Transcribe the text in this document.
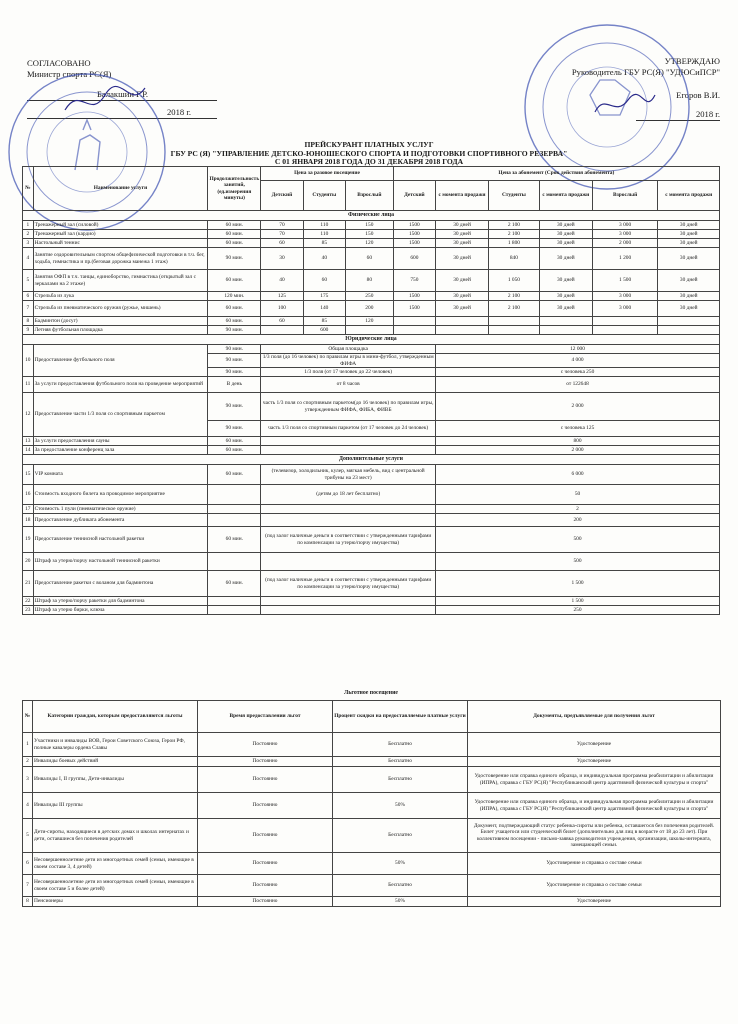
СОГЛАСОВАНО
Министр спорта РС(Я)
Балакшин Г.Р.
2018 г.
УТВЕРЖДАЮ
Руководитель ГБУ РС(Я) "УДЮСиПСР"
Егоров В.И.
2018 г.
ПРЕЙСКУРАНТ ПЛАТНЫХ УСЛУГ
ГБУ РС (Я) "УПРАВЛЕНИЕ ДЕТСКО-ЮНОШЕСКОГО СПОРТА И ПОДГОТОВКИ СПОРТИВНОГО РЕЗЕРВА"
С 01 ЯНВАРЯ 2018 ГОДА ДО 31 ДЕКАБРЯ 2018 ГОДА
№	Наименование услуги	Продолжительность занятий, (ед.измерения минуты)	Цена за разовое посещение			Цена за абонемент (Срок действия абонемента)					
			Детский	Студенты	Взрослый	Детский	с момента продажи	Студенты	с момента продажи	Взрослый	с момента продажи
Физические лица											
1	Тренажерный зал (силовой)	60 мин.	70	110	150	1500	30 дней	2 100	30 дней	3 000	30 дней
2	Тренажерный зал (кардио)	60 мин.	70	110	150	1500	30 дней	2 100	30 дней	3 000	30 дней
3	Настольный теннис	60 мин.	60	85	120	1500	30 дней	1 800	30 дней	2 000	30 дней
4	Занятие оздоровительным спортом общефизической подготовки в т.ч. бег, ходьба, гимнастика и пр.(беговая дорожка манежа 1 этаж)	90 мин.	30	40	60	600	30 дней	840	30 дней	1 200	30 дней
5	Занятия ОФП в т.ч. танцы, единоборство, гимнастика (открытый зал с зеркалами на 2 этаже)	60 мин.	40	60	80	750	30 дней	1 050	30 дней	1 500	30 дней
6	Стрельба из лука	120 мин.	125	175	250	1500	30 дней	2 100	30 дней	3 000	30 дней
7	Стрельба из пневматического оружия (ружье, мишень)	60 мин.	100	140	200	1500	30 дней	2 100	30 дней	3 000	30 дней
8	Бадминтон (досуг)	60 мин.	60	85	120						
9	Летняя футбольная площадка	90 мин.		600							
Юридические лица											
10	Предоставление футбольного поля	90 мин.	Общая площадка				12 000				
		90 мин.	1/3 поля (до 16 человек) по правилам игры в мини-футбол, утвержденным ФИФА				4 000				
		90 мин.	1/3 поля (от 17 человек до 22 человек)				с человека 250				
11	За услуги предоставления футбольного поля на проведение мероприятий	В день	от 8 часов				от 122648				
12	Предоставление части 1/3 поля со спортивным паркетом	90 мин.	часть 1/3 поля со спортивным паркетом(до 16 человек) по правилам игры, утвержденным ФИФА, ФИБА, ФИВБ				2 000				
		90 мин.	часть 1/3 поля со спортивным паркетом (от 17 человек до 24 человек)				с человека 125				
13	За услуги предоставления сауны	60 мин.					800				
14	За предоставление конференц зала	60 мин.					2 000				
Дополнительные услуги											
15	VIP комната	60 мин.	(телевизор, холодильник, кулер, мягкая мебель, вид с центральной трибуны на 23 мест)				6 000				
16	Стоимость входного билета на проводимое мероприятие		(детям до 18 лет бесплатно)				50				
17	Стоимость 1 пули (пневматическое оружие)						2				
18	Предоставление дубликата абонемента						200				
19	Предоставление теннисной настольной ракетки	60 мин.	(под залог наличные деньги в соответствии с утвержденными тарифами по компенсации за утерю/порчу имущества)				500				
20	Штраф за утерю/порчу настольной теннисной ракетки						500				
21	Предоставление ракетки с воланом для бадминтона	60 мин.	(под залог наличные деньги в соответствии с утвержденными тарифами по компенсации за утерю/порчу имущества)				1 500				
22	Штраф за утерю/порчу ракетки для бадминтона						1 500				
23	Штраф за утерю бирки, ключа						250				
Льготное посещение
№	Категории граждан, которым предоставляются льготы	Время предоставлении льгот	Процент скидки на предоставляемые платные услуги	Документы, предъявляемые для получения льгот
1	Участники и инвалиды ВОВ, Герои Советского Союза, Герои РФ, полные кавалеры ордена Славы	Постоянно	Бесплатно	Удостоверение
2	Инвалиды боевых действий	Постоянно	Бесплатно	Удостоверение
3	Инвалиды I, II группы, Дети-инвалиды	Постоянно	Бесплатно	Удостоверение или справка единого образца, и индивидуальная программа реабилитации и абилитации (ИПРА), справка с ГБУ РС(Я) "Республиканский центр адаптивной физической культуры и спорта"
4	Инвалиды III группы	Постоянно	50%	Удостоверение или справка единого образца, и индивидуальная программа реабилитации и абилитации (ИПРА), справка с ГБУ РС(Я) "Республиканский центр адаптивной физической культуры и спорта"
5	Дети-сироты, находящиеся в детских домах и школах интернатах и дети, оставшиеся без попечения родителей	Постоянно	Бесплатно	Документ, подтверждающий статус ребенка-сироты или ребенка, оставшегося без попечения родителей. Билет учащегося или студенческий билет (дополнительно для лиц в возрасте от 18 до 23 лет). При коллективном посещении - письмо-заявка руководителя учреждения, организации, школы-интерната, замещающей семьи.
6	Несовершеннолетние дети из многодетных семей (семьи, имеющие в своем составе 3, 4 детей)	Постоянно	50%	Удостоверение и справка о составе семьи
7	Несовершеннолетние дети из многодетных семей (семьи, имеющие в своем составе 5 и более детей)	Постоянно	Бесплатно	Удостоверение и справка о составе семьи
8	Пенсионеры	Постоянно	50%	Удостоверение
